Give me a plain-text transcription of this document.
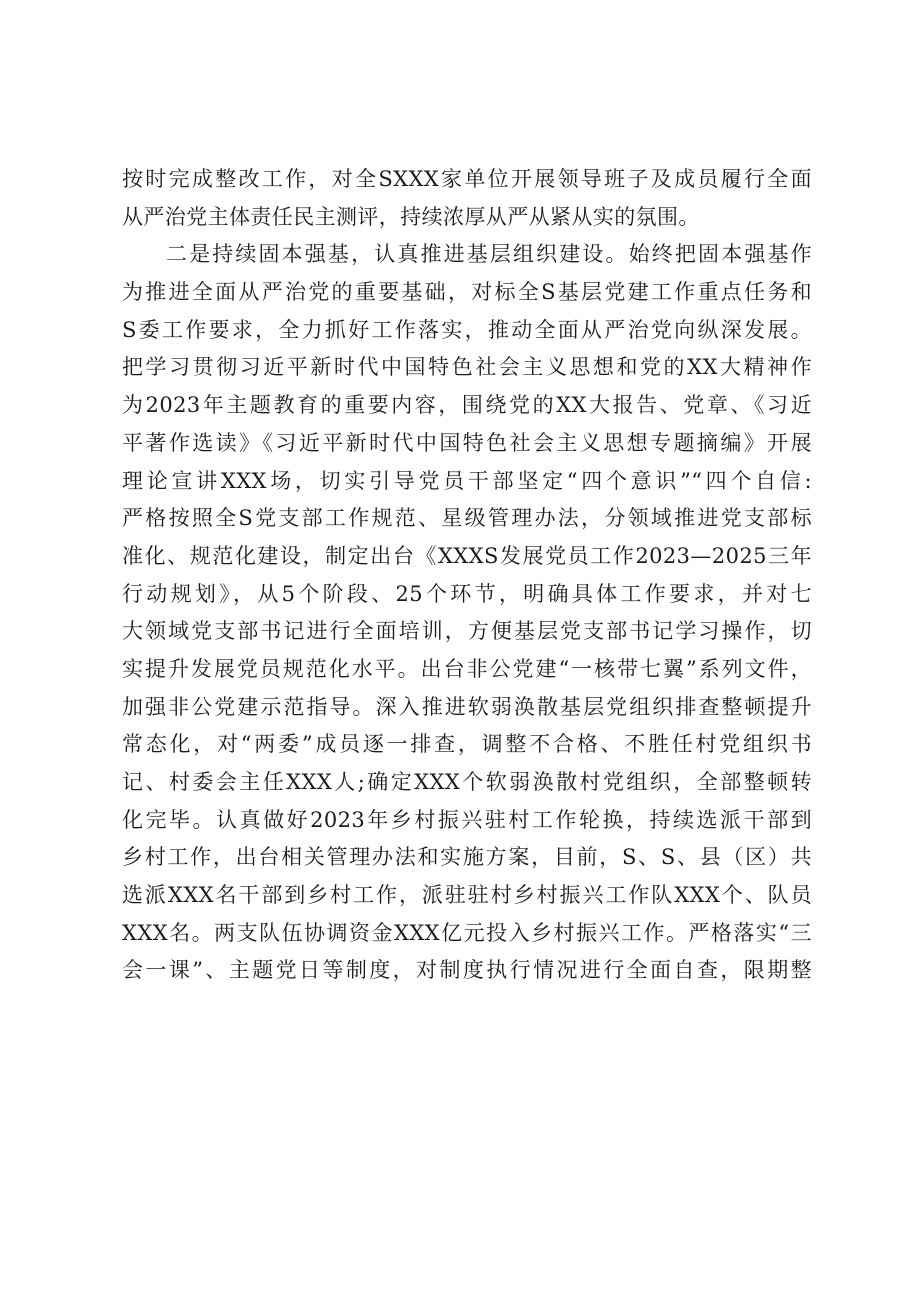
按时完成整改工作，对全SXXX家单位开展领导班子及成员履行全面
从严治党主体责任民主测评，持续浓厚从严从紧从实的氛围。
二是持续固本强基，认真推进基层组织建设。始终把固本强基作
为推进全面从严治党的重要基础，对标全S基层党建工作重点任务和
S委工作要求，全力抓好工作落实，推动全面从严治党向纵深发展。
把学习贯彻习近平新时代中国特色社会主义思想和党的XX大精神作
为2023年主题教育的重要内容，围绕党的XX大报告、党章、《习近
平著作选读》《习近平新时代中国特色社会主义思想专题摘编》开展
理论宣讲XXX场，切实引导党员干部坚定“四个意识”“四个自信:
严格按照全S党支部工作规范、星级管理办法，分领域推进党支部标
准化、规范化建设，制定出台《XXXS发展党员工作2023—2025三年
行动规划》，从5个阶段、25个环节，明确具体工作要求，并对七
大领域党支部书记进行全面培训，方便基层党支部书记学习操作，切
实提升发展党员规范化水平。出台非公党建“一核带七翼”系列文件，
加强非公党建示范指导。深入推进软弱涣散基层党组织排查整顿提升
常态化，对“两委”成员逐一排查，调整不合格、不胜任村党组织书
记、村委会主任XXX人;确定XXX个软弱涣散村党组织，全部整顿转
化完毕。认真做好2023年乡村振兴驻村工作轮换，持续选派干部到
乡村工作，出台相关管理办法和实施方案，目前，S、S、县（区）共
选派XXX名干部到乡村工作，派驻驻村乡村振兴工作队XXX个、队员
XXX名。两支队伍协调资金XXX亿元投入乡村振兴工作。严格落实“三
会一课”、主题党日等制度，对制度执行情况进行全面自查，限期整
